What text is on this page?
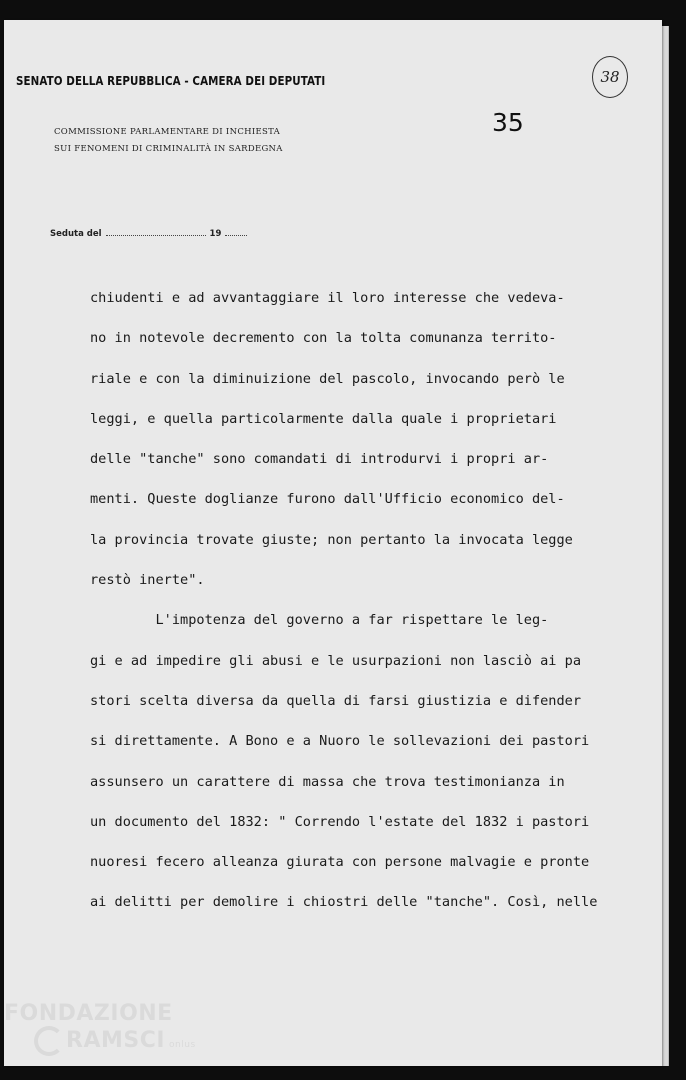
SENATO DELLA REPUBBLICA - CAMERA DEI DEPUTATI
COMMISSIONE PARLAMENTARE DI INCHIESTA
SUI FENOMENI DI CRIMINALITÀ IN SARDEGNA
35
38
Seduta del	19
chiudenti e ad avvantaggiare il loro interesse che vedeva-
no in notevole decremento con la tolta comunanza territo-
riale e con la diminuizione del pascolo, invocando però le
leggi, e quella particolarmente dalla quale i proprietari
delle "tanche" sono comandati di introdurvi i propri ar-
menti. Queste doglianze furono dall'Ufficio economico del-
la provincia trovate giuste; non pertanto la invocata legge
restò inerte".
L'impotenza del governo a far rispettare le leg-
gi e ad impedire gli abusi e le usurpazioni non lasciò ai pa
stori scelta diversa da quella di farsi giustizia e difender
si direttamente. A Bono e a Nuoro le sollevazioni dei pastori
assunsero un carattere di massa che trova testimonianza in
un documento del 1832: " Correndo l'estate del 1832 i pastori
nuoresi fecero alleanza giurata con persone malvagie e pronte
ai delitti per demolire i chiostri delle "tanche". Così, nelle
FONDAZIONE
RAMSCI onlus
